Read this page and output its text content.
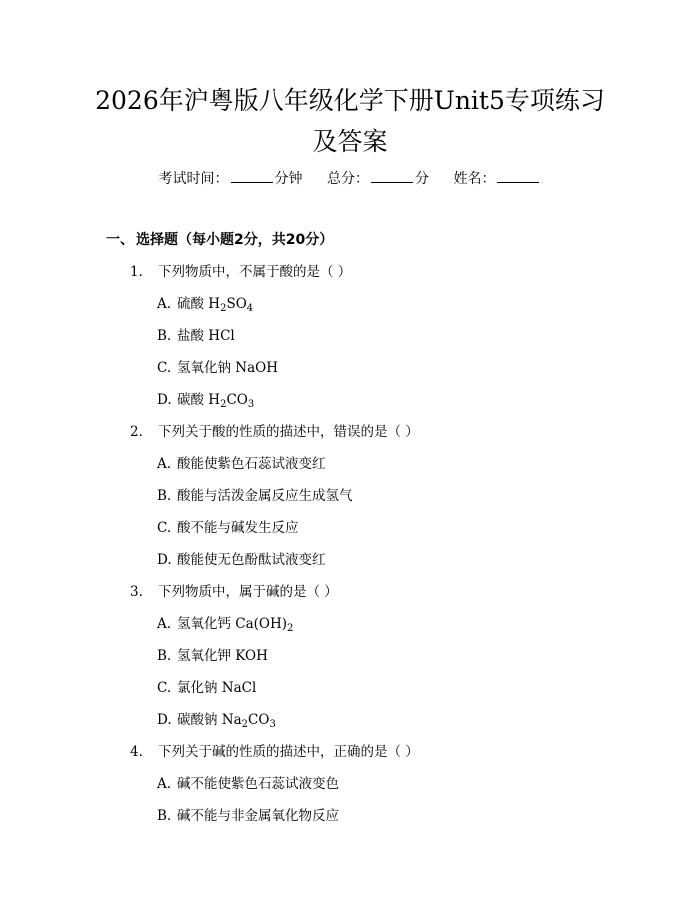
2026年沪粤版八年级化学下册Unit5专项练习及答案
考试时间：	分钟 总分：	分 姓名：
一、 选择题（每小题2分，共20分）
1. 下列物质中，不属于酸的是（ ）
A. 硫酸 $H_2SO_4$
B. 盐酸 HCl
C. 氢氧化钠 NaOH
D. 碳酸 $H_2CO_3$
2. 下列关于酸的性质的描述中，错误的是（ ）
A. 酸能使紫色石蕊试液变红
B. 酸能与活泼金属反应生成氢气
C. 酸不能与碱发生反应
D. 酸能使无色酚酞试液变红
3. 下列物质中，属于碱的是（ ）
A. 氢氧化钙 $Ca(OH)_2$
B. 氢氧化钾 KOH
C. 氯化钠 NaCl
D. 碳酸钠 $Na_2CO_3$
4. 下列关于碱的性质的描述中，正确的是（ ）
A. 碱不能使紫色石蕊试液变色
B. 碱不能与非金属氧化物反应
